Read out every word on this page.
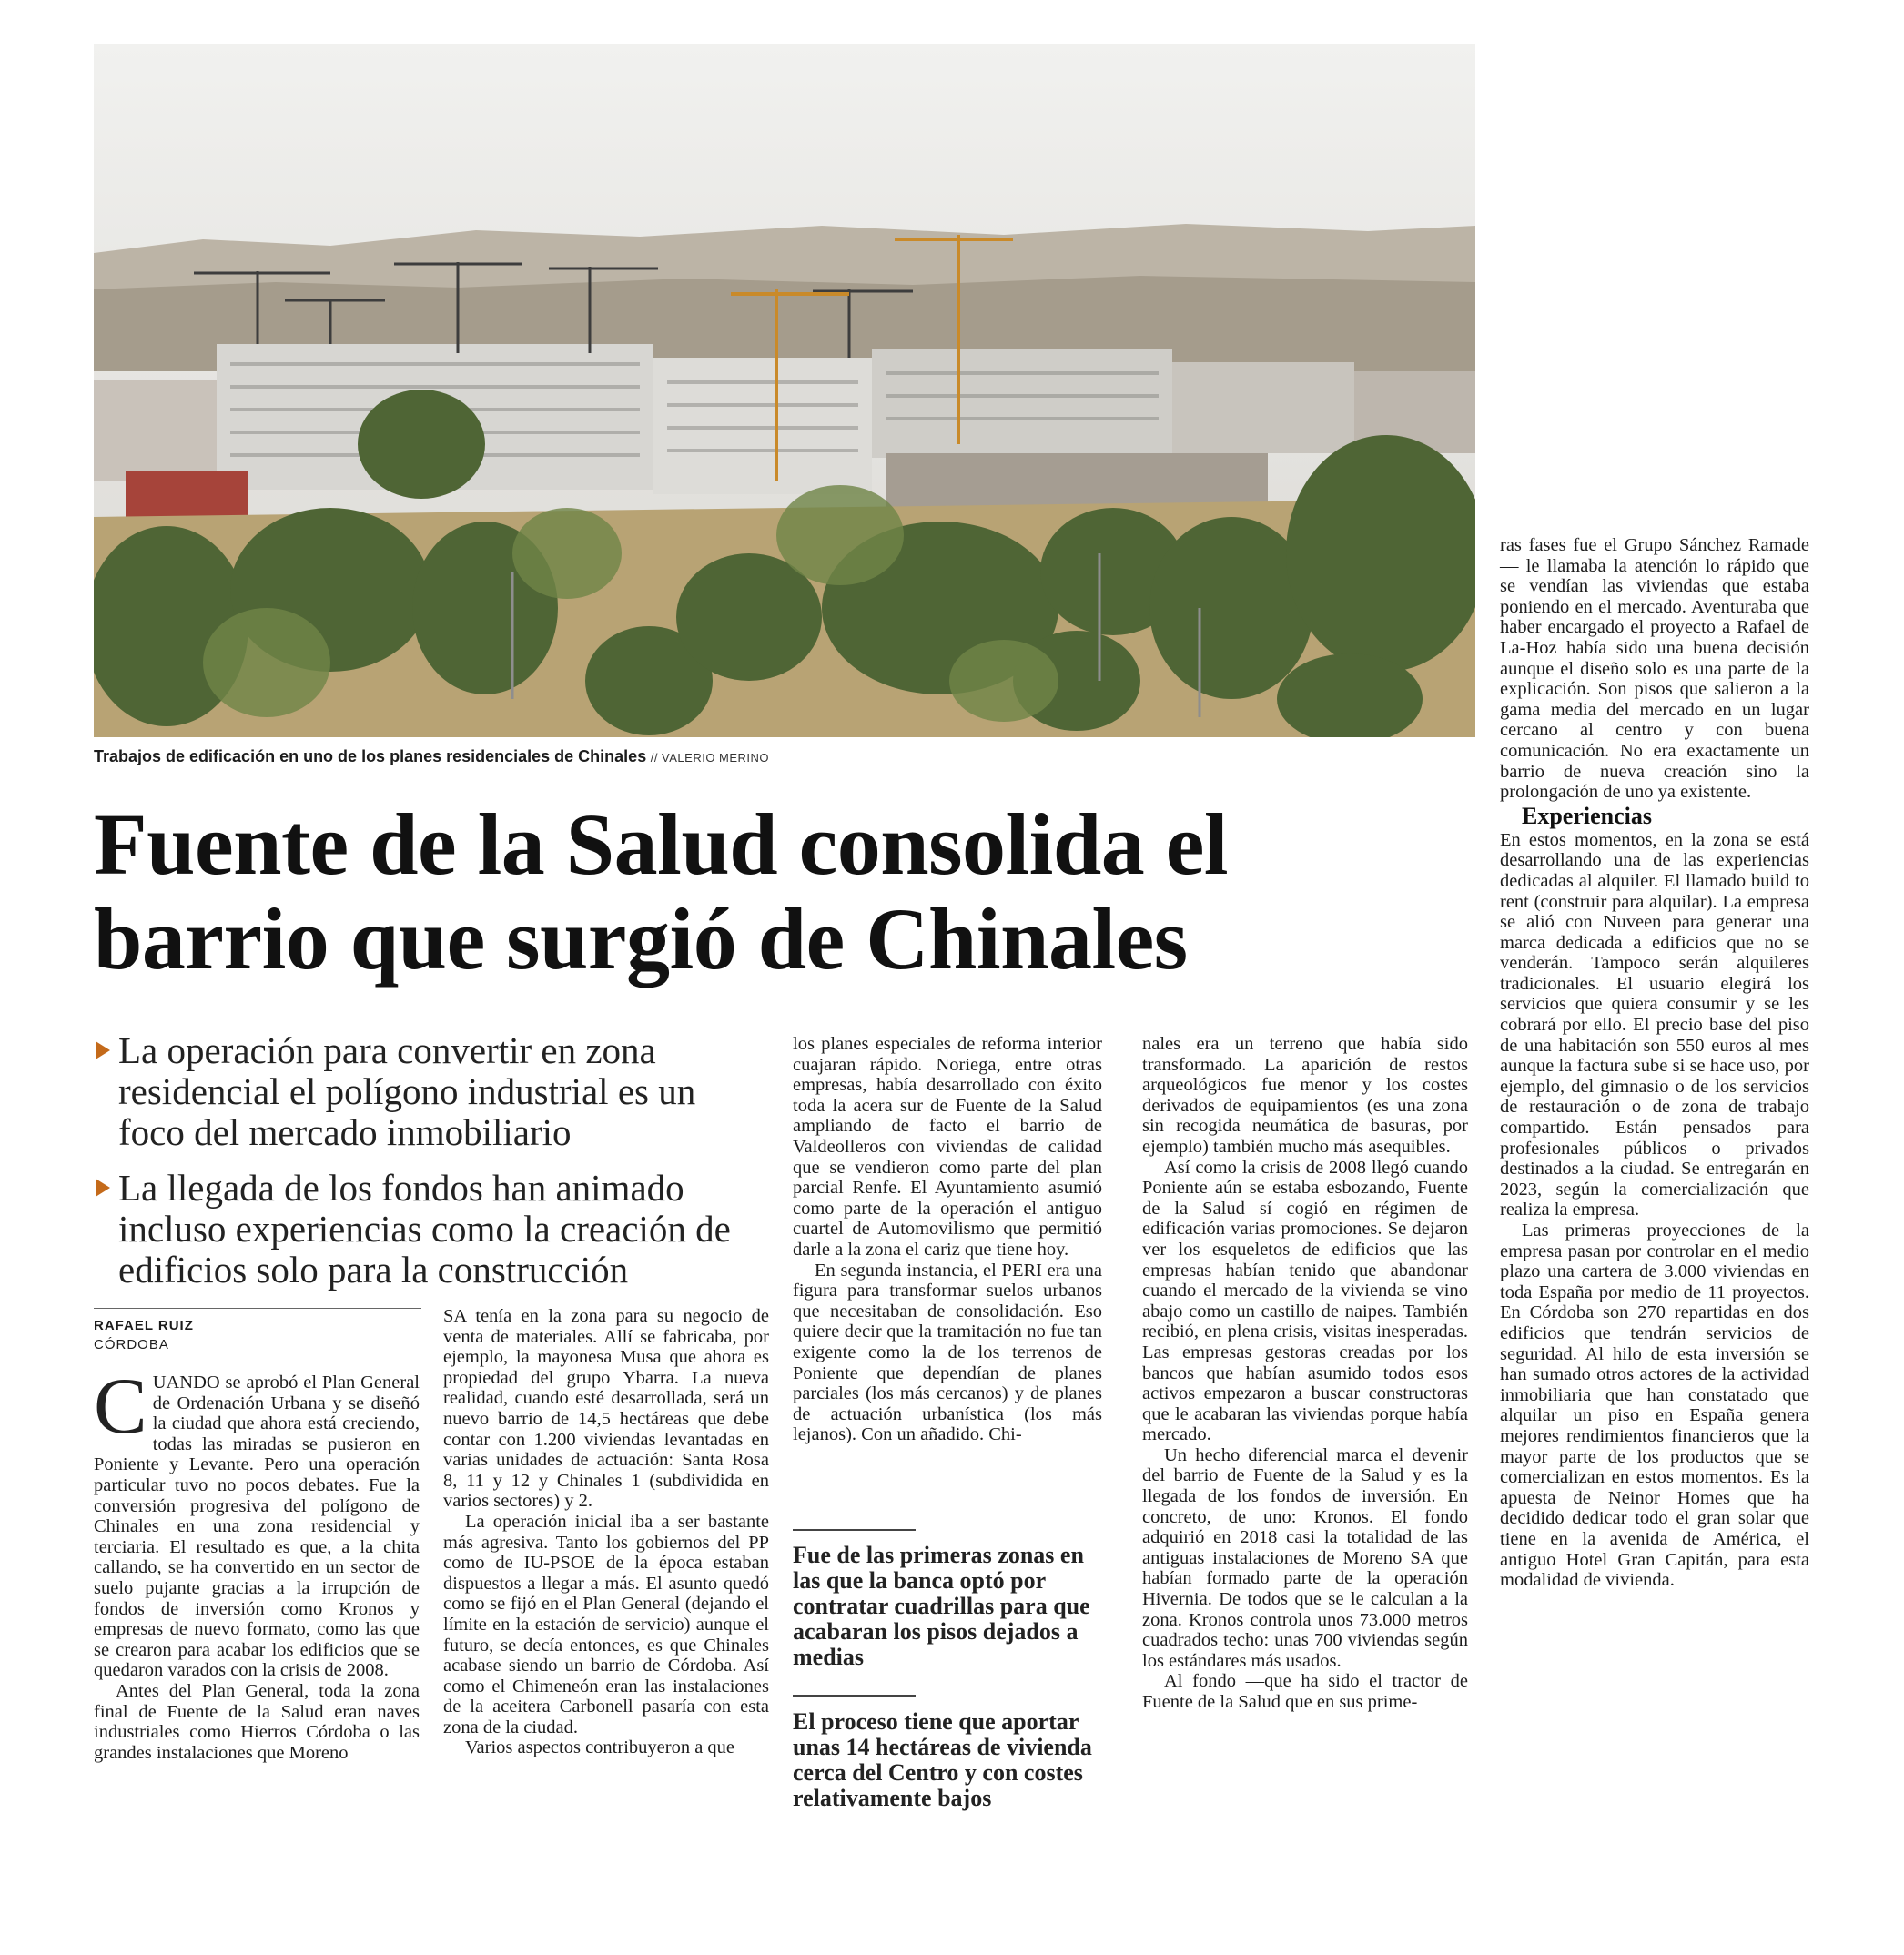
Trabajos de edificación en uno de los planes residenciales de Chinales // VALERIO MERINO
Fuente de la Salud consolida el
barrio que surgió de Chinales
La operación para convertir en zona residencial el polígono industrial es un foco del mercado inmobiliario
La llegada de los fondos han animado incluso experiencias como la creación de edificios solo para la construcción
RAFAEL RUIZ
CÓRDOBA

CUANDO se aprobó el Plan General de Ordenación Urbana y se diseñó la ciudad que ahora está creciendo, todas las miradas se pusieron en Poniente y Levante. Pero una operación particular tuvo no pocos debates. Fue la conversión progresiva del polígono de Chinales en una zona residencial y terciaria. El resultado es que, a la chita callando, se ha convertido en un sector de suelo pujante gracias a la irrupción de fondos de inversión como Kronos y empresas de nuevo formato, como las que se crearon para acabar los edificios que se quedaron varados con la crisis de 2008.

Antes del Plan General, toda la zona final de Fuente de la Salud eran naves industriales como Hierros Córdoba o las grandes instalaciones que Moreno

SA tenía en la zona para su negocio de venta de materiales. Allí se fabricaba, por ejemplo, la mayonesa Musa que ahora es propiedad del grupo Ybarra. La nueva realidad, cuando esté desarrollada, será un nuevo barrio de 14,5 hectáreas que debe contar con 1.200 viviendas levantadas en varias unidades de actuación: Santa Rosa 8, 11 y 12 y Chinales 1 (subdividida en varios sectores) y 2.

La operación inicial iba a ser bastante más agresiva. Tanto los gobiernos del PP como de IU-PSOE de la época estaban dispuestos a llegar a más. El asunto quedó como se fijó en el Plan General (dejando el límite en la estación de servicio) aunque el futuro, se decía entonces, es que Chinales acabase siendo un barrio de Córdoba. Así como el Chimeneón eran las instalaciones de la aceitera Carbonell pasaría con esta zona de la ciudad.

Varios aspectos contribuyeron a que

los planes especiales de reforma interior cuajaran rápido. Noriega, entre otras empresas, había desarrollado con éxito toda la acera sur de Fuente de la Salud ampliando de facto el barrio de Valdeolleros con viviendas de calidad que se vendieron como parte del plan parcial Renfe. El Ayuntamiento asumió como parte de la operación el antiguo cuartel de Automovilismo que permitió darle a la zona el cariz que tiene hoy.

En segunda instancia, el PERI era una figura para transformar suelos urbanos que necesitaban de consolidación. Eso quiere decir que la tramitación no fue tan exigente como la de los terrenos de Poniente que dependían de planes parciales (los más cercanos) y de planes de actuación urbanística (los más lejanos). Con un añadido. Chi-

Fue de las primeras zonas en las que la banca optó por contratar cuadrillas para que acabaran los pisos dejados a medias
El proceso tiene que aportar unas 14 hectáreas de vivienda cerca del Centro y con costes relativamente bajos

nales era un terreno que había sido transformado. La aparición de restos arqueológicos fue menor y los costes derivados de equipamientos (es una zona sin recogida neumática de basuras, por ejemplo) también mucho más asequibles.

Así como la crisis de 2008 llegó cuando Poniente aún se estaba esbozando, Fuente de la Salud sí cogió en régimen de edificación varias promociones. Se dejaron ver los esqueletos de edificios que las empresas habían tenido que abandonar cuando el mercado de la vivienda se vino abajo como un castillo de naipes. También recibió, en plena crisis, visitas inesperadas. Las empresas gestoras creadas por los bancos que habían asumido todos esos activos empezaron a buscar constructoras que le acabaran las viviendas porque había mercado.

Un hecho diferencial marca el devenir del barrio de Fuente de la Salud y es la llegada de los fondos de inversión. En concreto, de uno: Kronos. El fondo adquirió en 2018 casi la totalidad de las antiguas instalaciones de Moreno SA que habían formado parte de la operación Hivernia. De todos que se le calculan a la zona. Kronos controla unos 73.000 metros cuadrados techo: unas 700 viviendas según los estándares más usados.

Al fondo —que ha sido el tractor de Fuente de la Salud que en sus prime-

ras fases fue el Grupo Sánchez Ramade— le llamaba la atención lo rápido que se vendían las viviendas que estaba poniendo en el mercado. Aventuraba que haber encargado el proyecto a Rafael de La-Hoz había sido una buena decisión aunque el diseño solo es una parte de la explicación. Son pisos que salieron a la gama media del mercado en un lugar cercano al centro y con buena comunicación. No era exactamente un barrio de nueva creación sino la prolongación de uno ya existente.

Experiencias

En estos momentos, en la zona se está desarrollando una de las experiencias dedicadas al alquiler. El llamado build to rent (construir para alquilar). La empresa se alió con Nuveen para generar una marca dedicada a edificios que no se venderán. Tampoco serán alquileres tradicionales. El usuario elegirá los servicios que quiera consumir y se les cobrará por ello. El precio base del piso de una habitación son 550 euros al mes aunque la factura sube si se hace uso, por ejemplo, del gimnasio o de los servicios de restauración o de zona de trabajo compartido. Están pensados para profesionales públicos o privados destinados a la ciudad. Se entregarán en 2023, según la comercialización que realiza la empresa.

Las primeras proyecciones de la empresa pasan por controlar en el medio plazo una cartera de 3.000 viviendas en toda España por medio de 11 proyectos. En Córdoba son 270 repartidas en dos edificios que tendrán servicios de seguridad. Al hilo de esta inversión se han sumado otros actores de la actividad inmobiliaria que han constatado que alquilar un piso en España genera mejores rendimientos financieros que la mayor parte de los productos que se comercializan en estos momentos. Es la apuesta de Neinor Homes que ha decidido dedicar todo el gran solar que tiene en la avenida de América, el antiguo Hotel Gran Capitán, para esta modalidad de vivienda.
